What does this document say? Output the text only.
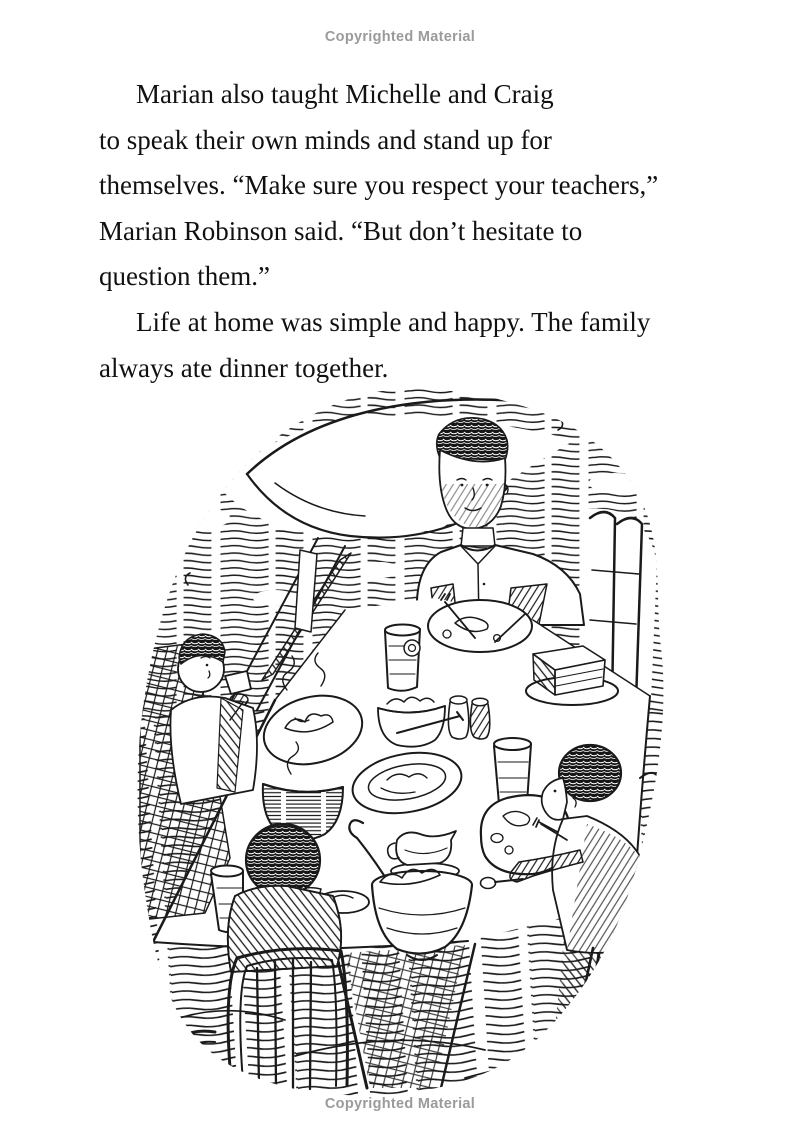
Copyrighted Material

Marian also taught Michelle and Craig
to speak their own minds and stand up for
themselves. “Make sure you respect your teachers,”
Marian Robinson said. “But don’t hesitate to
question them.”

Life at home was simple and happy. The family
always ate dinner together.

Copyrighted Material
